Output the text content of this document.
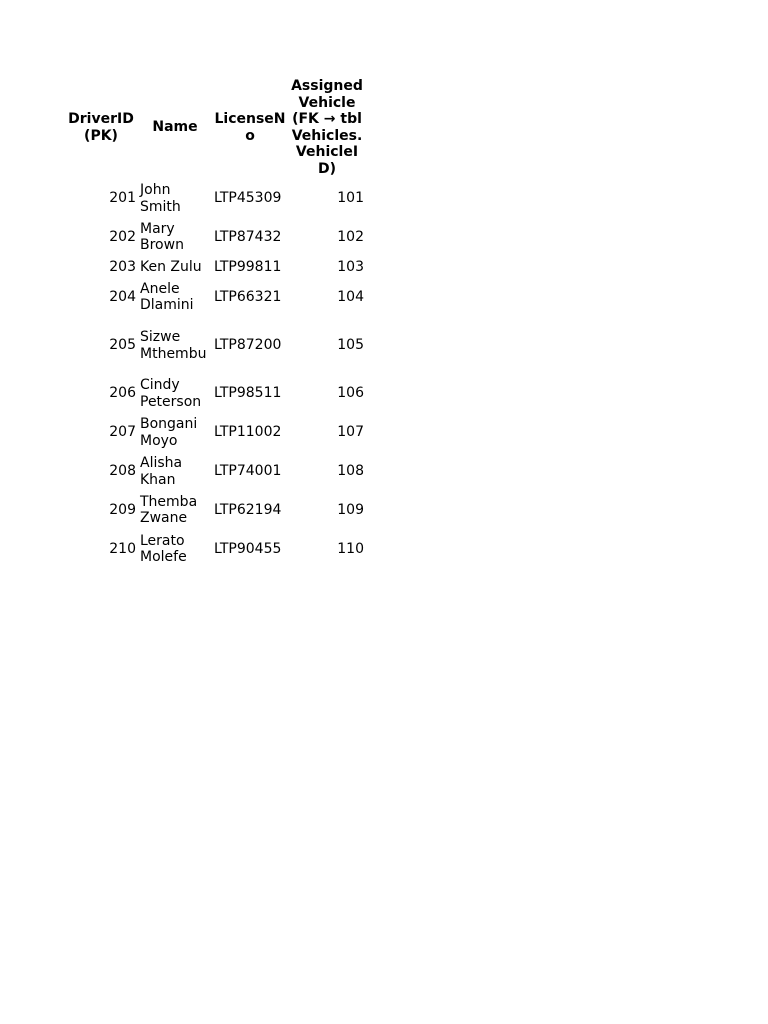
DriverID (PK)	Name	LicenseNo	Assigned Vehicle (FK → tblVehicles.VehicleID)
201	John Smith	LTP45309	101
202	Mary Brown	LTP87432	102
203	Ken Zulu	LTP99811	103
204	Anele Dlamini	LTP66321	104
205	Sizwe Mthembu	LTP87200	105
206	Cindy Peterson	LTP98511	106
207	Bongani Moyo	LTP11002	107
208	Alisha Khan	LTP74001	108
209	Themba Zwane	LTP62194	109
210	Lerato Molefe	LTP90455	110
